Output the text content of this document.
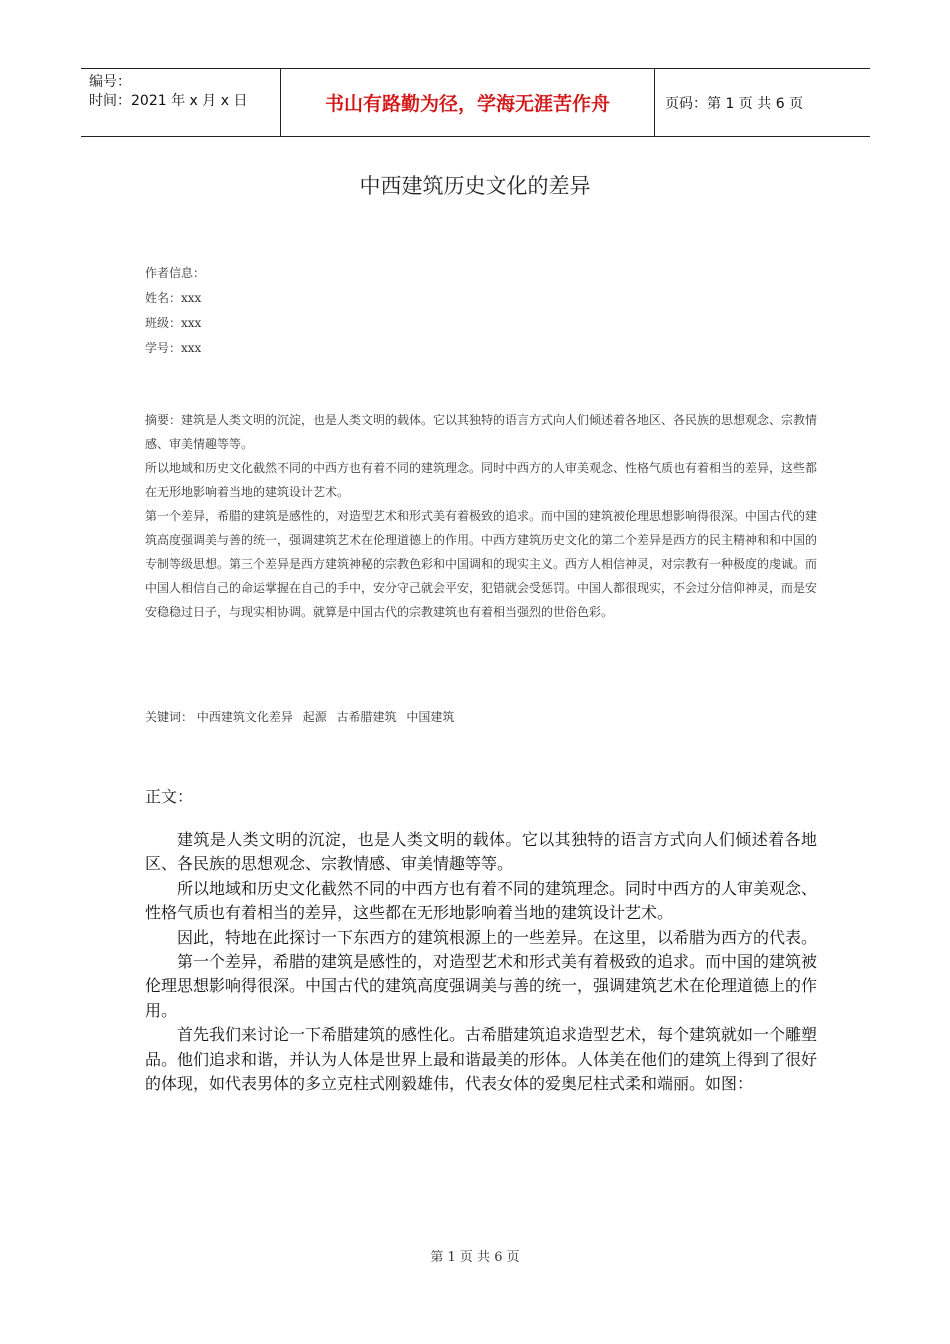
编号：
时间：2021 年 x 月 x 日	书山有路勤为径，学海无涯苦作舟	页码：第 1 页 共 6 页
中西建筑历史文化的差异
作者信息：
姓名：xxx
班级：xxx
学号：xxx

摘要：建筑是人类文明的沉淀，也是人类文明的载体。它以其独特的语言方式向人们倾述着各地区、各民族的思想观念、宗教情感、审美情趣等等。

所以地域和历史文化截然不同的中西方也有着不同的建筑理念。同时中西方的人审美观念、性格气质也有着相当的差异，这些都在无形地影响着当地的建筑设计艺术。

第一个差异，希腊的建筑是感性的，对造型艺术和形式美有着极致的追求。而中国的建筑被伦理思想影响得很深。中国古代的建筑高度强调美与善的统一，强调建筑艺术在伦理道德上的作用。中西方建筑历史文化的第二个差异是西方的民主精神和和中国的专制等级思想。第三个差异是西方建筑神秘的宗教色彩和中国调和的现实主义。西方人相信神灵，对宗教有一种极度的虔诚。而中国人相信自己的命运掌握在自己的手中，安分守己就会平安，犯错就会受惩罚。中国人都很现实，不会过分信仰神灵，而是安安稳稳过日子，与现实相协调。就算是中国古代的宗教建筑也有着相当强烈的世俗色彩。

关键词： 中西建筑文化差异 起源 古希腊建筑 中国建筑
正文：

建筑是人类文明的沉淀，也是人类文明的载体。它以其独特的语言方式向人们倾述着各地区、各民族的思想观念、宗教情感、审美情趣等等。

所以地域和历史文化截然不同的中西方也有着不同的建筑理念。同时中西方的人审美观念、性格气质也有着相当的差异，这些都在无形地影响着当地的建筑设计艺术。

因此，特地在此探讨一下东西方的建筑根源上的一些差异。在这里，以希腊为西方的代表。

第一个差异，希腊的建筑是感性的，对造型艺术和形式美有着极致的追求。而中国的建筑被伦理思想影响得很深。中国古代的建筑高度强调美与善的统一，强调建筑艺术在伦理道德上的作用。

首先我们来讨论一下希腊建筑的感性化。古希腊建筑追求造型艺术，每个建筑就如一个雕塑品。他们追求和谐，并认为人体是世界上最和谐最美的形体。人体美在他们的建筑上得到了很好的体现，如代表男体的多立克柱式刚毅雄伟，代表女体的爱奥尼柱式柔和端丽。如图：

第 1 页 共 6 页
